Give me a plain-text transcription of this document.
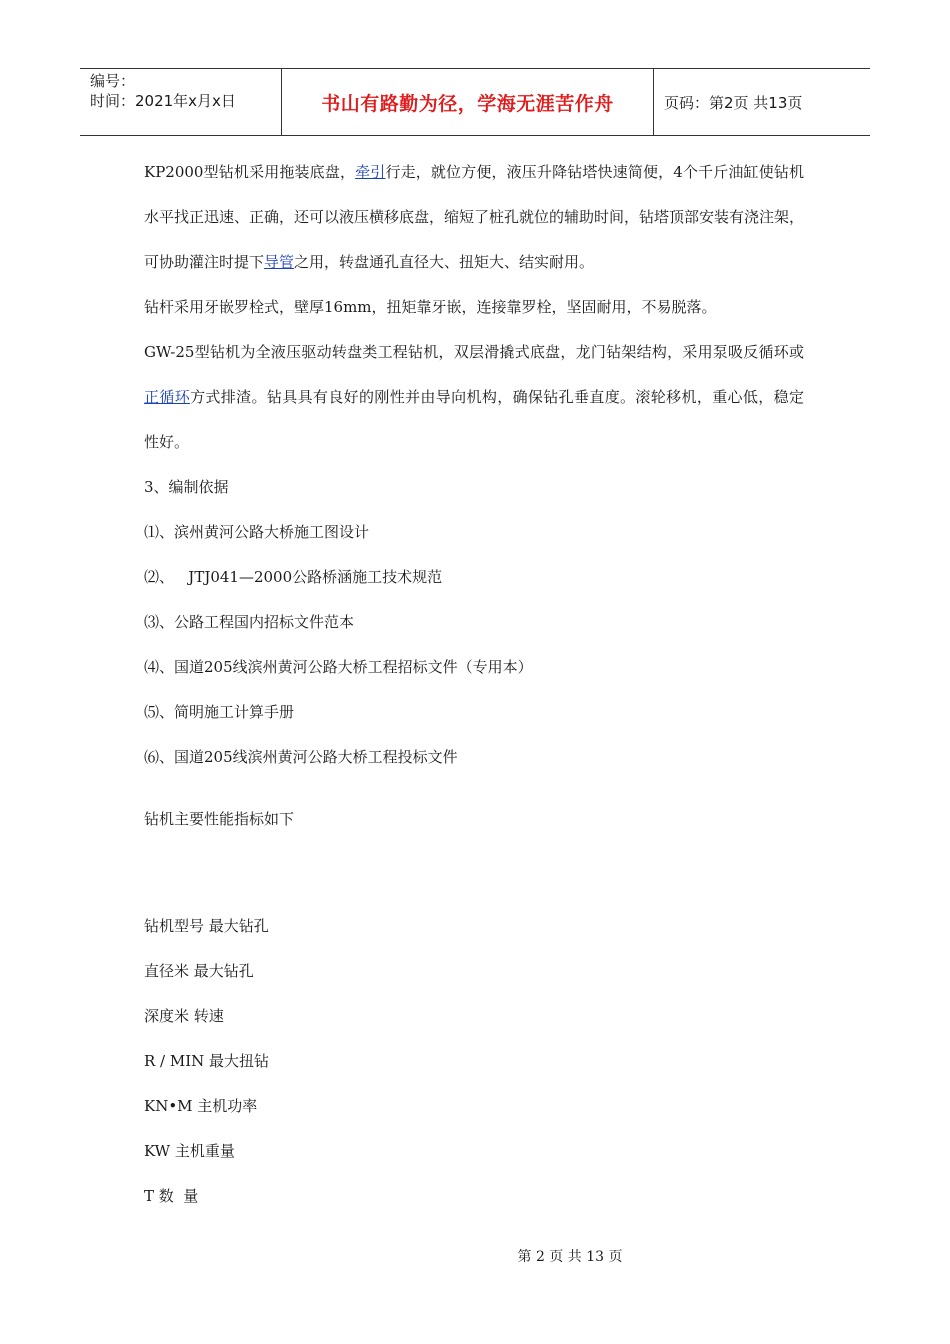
编号：
时间：2021年x月x日	书山有路勤为径，学海无涯苦作舟	页码：第2页 共13页

KP2000型钻机采用拖装底盘，牵引行走，就位方便，液压升降钻塔快速简便，4个千斤油缸使钻机水平找正迅速、正确，还可以液压横移底盘，缩短了桩孔就位的辅助时间，钻塔顶部安装有浇注架，可协助灌注时提下导管之用，转盘通孔直径大、扭矩大、结实耐用。

钻杆采用牙嵌罗栓式，壁厚16mm，扭矩靠牙嵌，连接靠罗栓，坚固耐用，不易脱落。

GW-25型钻机为全液压驱动转盘类工程钻机，双层滑撬式底盘，龙门钻架结构，采用泵吸反循环或正循环方式排渣。钻具具有良好的刚性并由导向机构，确保钻孔垂直度。滚轮移机，重心低，稳定性好。

3、编制依据

⑴、滨州黄河公路大桥施工图设计

⑵、   JTJ041—2000公路桥涵施工技术规范

⑶、公路工程国内招标文件范本

⑷、国道205线滨州黄河公路大桥工程招标文件（专用本）

⑸、简明施工计算手册

⑹、国道205线滨州黄河公路大桥工程投标文件

钻机主要性能指标如下

钻机型号 最大钻孔

直径米 最大钻孔

深度米 转速

R / MIN 最大扭钻

KN•M 主机功率

KW 主机重量

T 数  量

第 2 页 共 13 页
